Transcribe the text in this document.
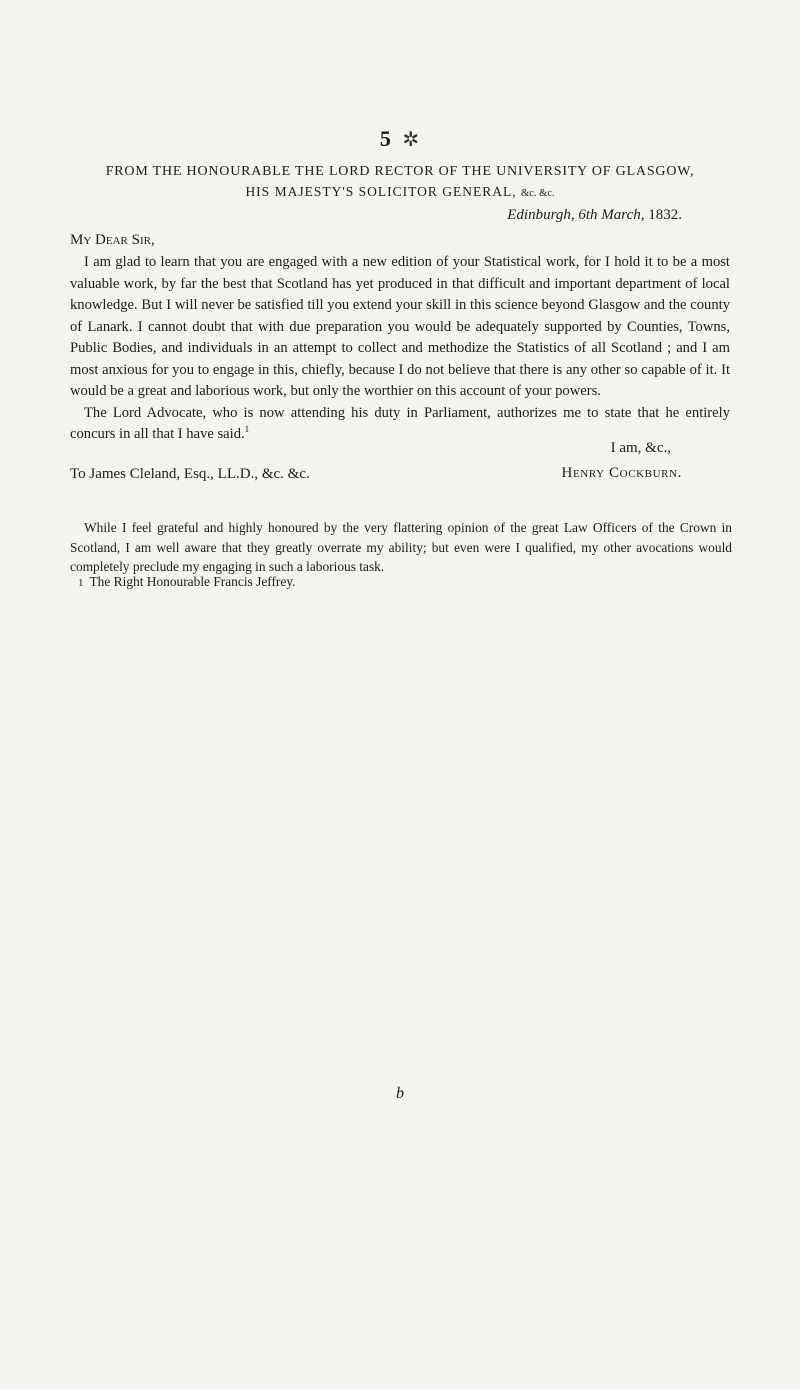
5 ✲
FROM THE HONOURABLE THE LORD RECTOR OF THE UNIVERSITY OF GLASGOW,
HIS MAJESTY'S SOLICITOR GENERAL, &c. &c.
Edinburgh, 6th March, 1832.
My Dear Sir,

I am glad to learn that you are engaged with a new edition of your Statistical work, for I hold it to be a most valuable work, by far the best that Scotland has yet produced in that difficult and important department of local knowledge. But I will never be satisfied till you extend your skill in this science beyond Glasgow and the county of Lanark. I cannot doubt that with due preparation you would be adequately supported by Counties, Towns, Public Bodies, and individuals in an attempt to collect and methodize the Statistics of all Scotland ; and I am most anxious for you to engage in this, chiefly, because I do not believe that there is any other so capable of it. It would be a great and laborious work, but only the worthier on this account of your powers.

The Lord Advocate, who is now attending his duty in Parliament, authorizes me to state that he entirely concurs in all that I have said.$^1$

I am, &c.,
To James Cleland, Esq., LL.D., &c. &c.	Henry Cockburn.

While I feel grateful and highly honoured by the very flattering opinion of the great Law Officers of the Crown in Scotland, I am well aware that they greatly overrate my ability; but even were I qualified, my other avocations would completely preclude my engaging in such a laborious task.

1 The Right Honourable Francis Jeffrey.
b
